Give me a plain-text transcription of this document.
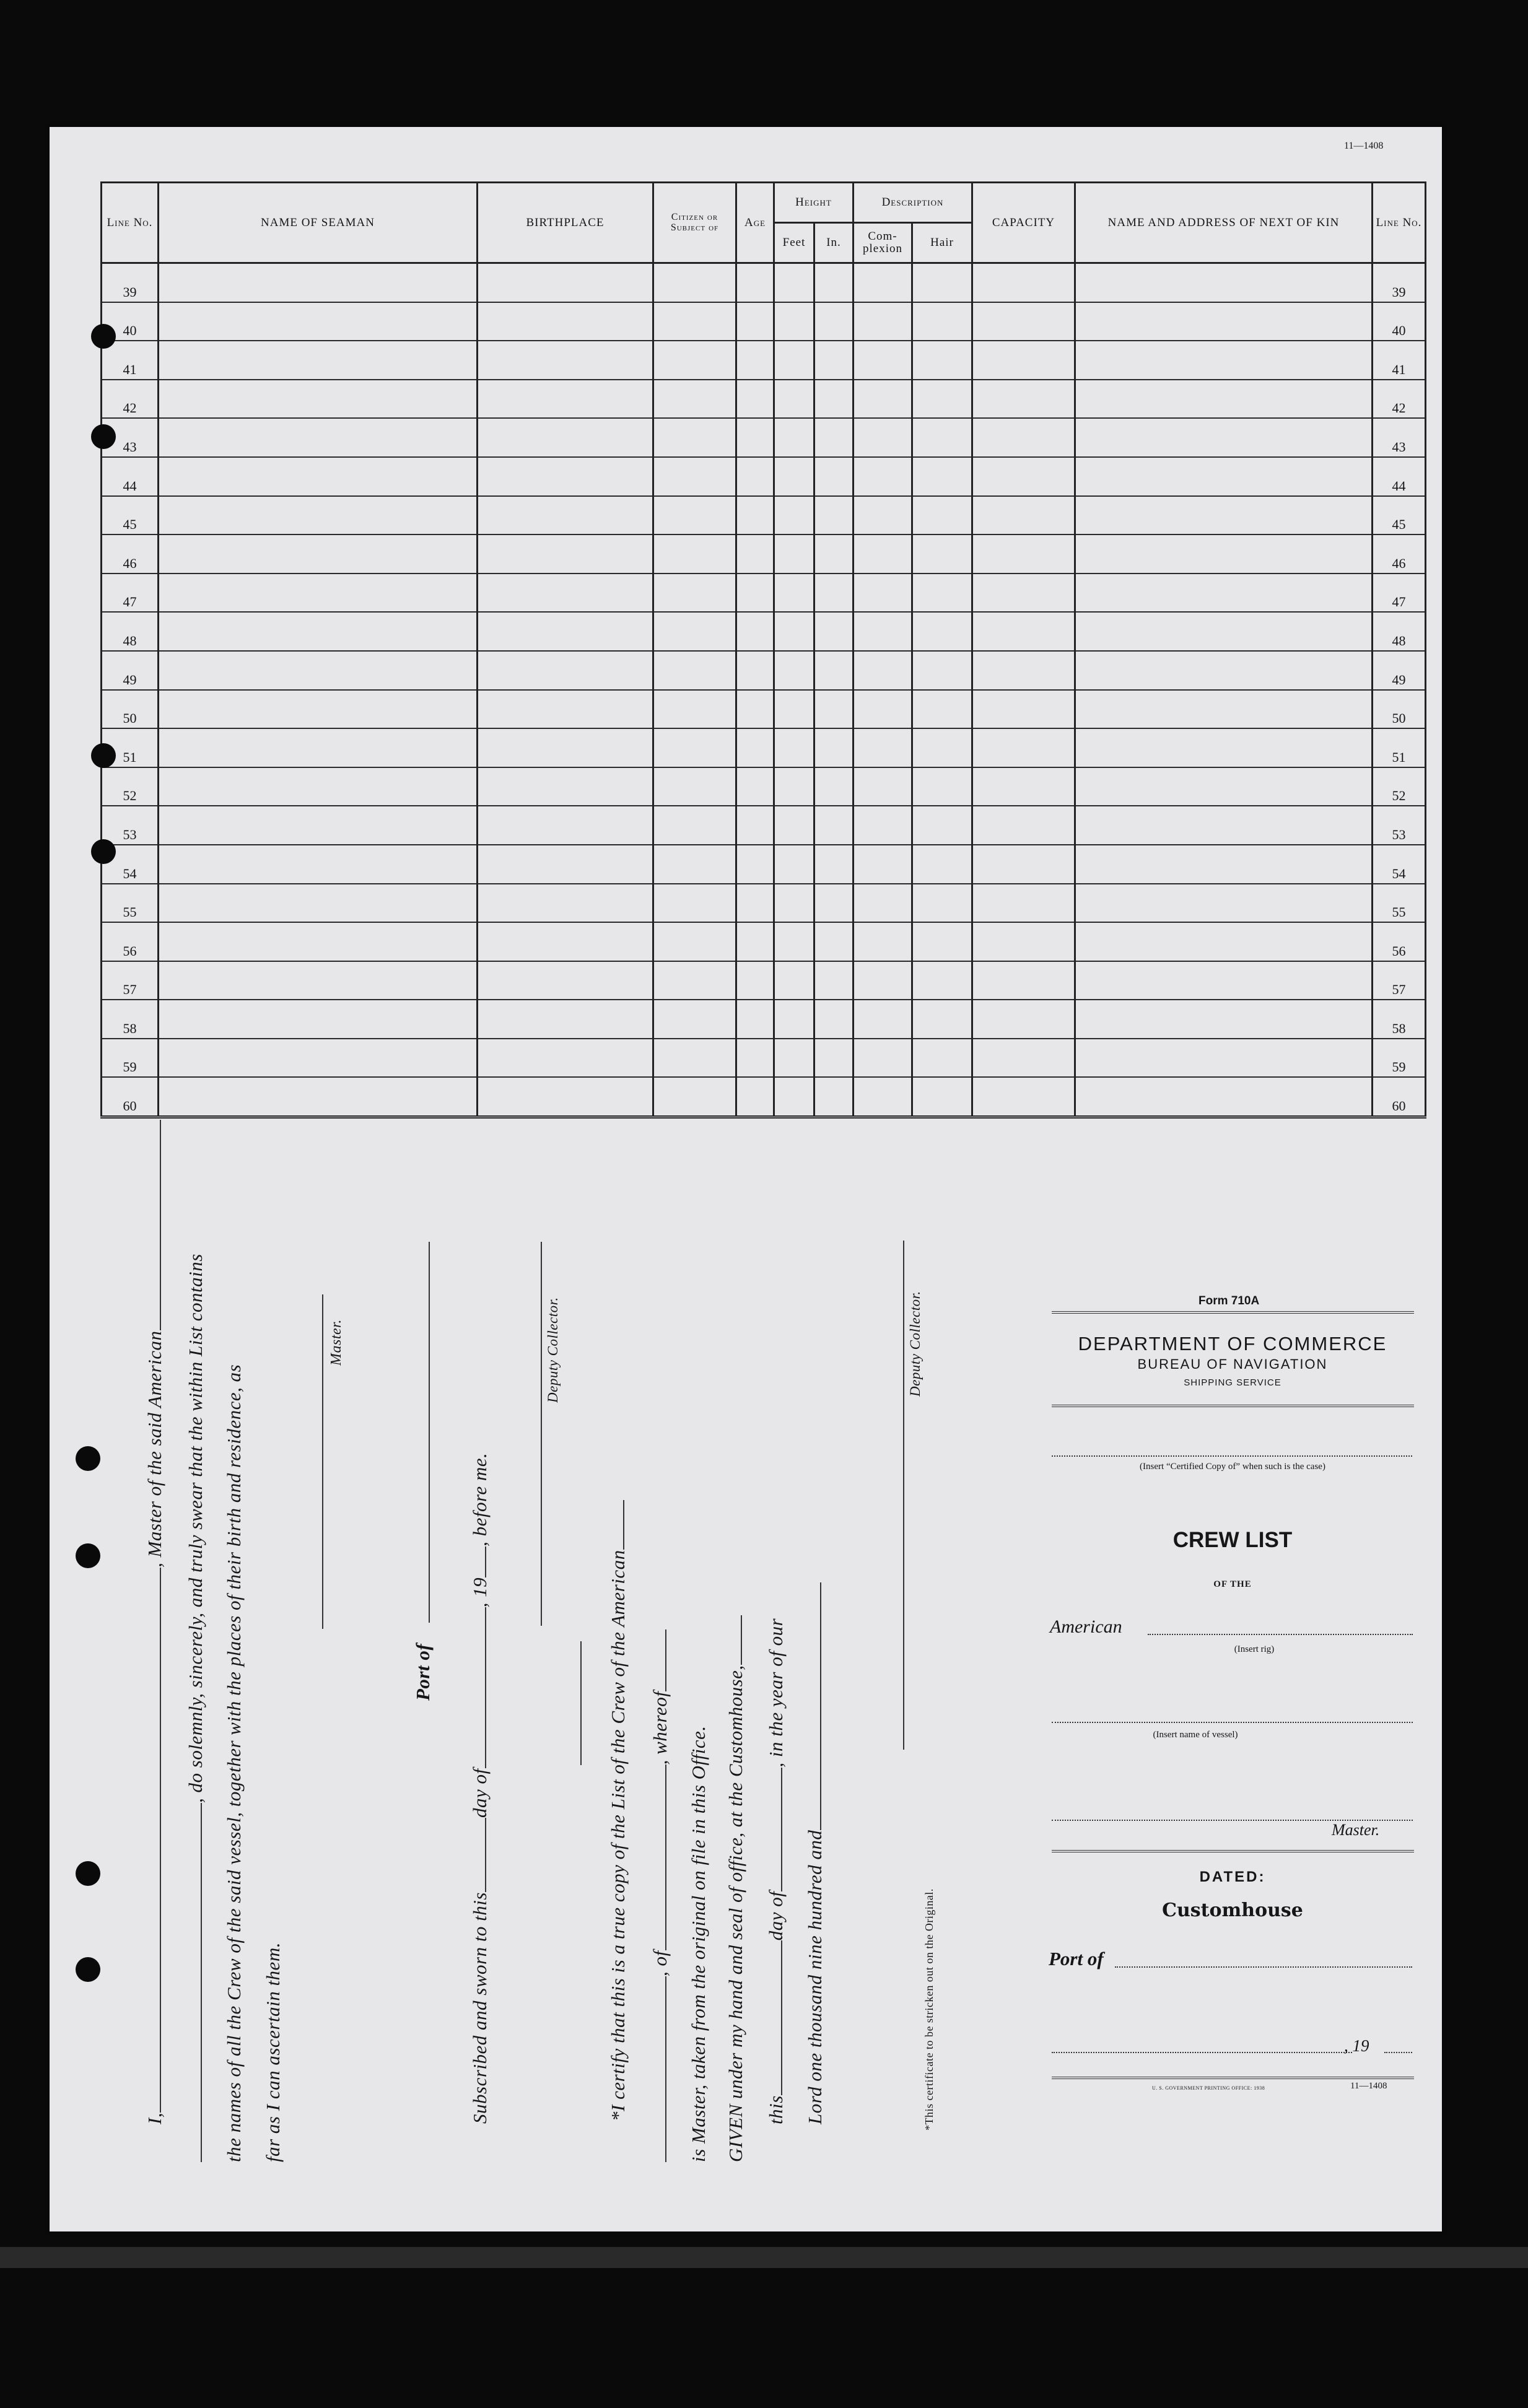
11—1408
Line No.	NAME OF SEAMAN	BIRTHPLACE	Citizen or Subject of	Age	Height		Description		CAPACITY	NAME AND ADDRESS OF NEXT OF KIN	Line No.
					Feet	In.	Com- plexion	Hair			
39											39
40											40
41											41
42											42
43											43
44											44
45											45
46											46
47											47
48											48
49											49
50											50
51											51
52											52
53											53
54											54
55											55
56											56
57											57
58											58
59											59
60											60
I,, Master of the said American , do solemnly, sincerely, and truly swear that the within List contains the names of all the Crew of the said vessel, together with the places of their birth and residence, as far as I can ascertain them.
Master.
Port of
Subscribed and sworn to thisday of, 19, before me.
Deputy Collector.
*I certify that this is a true copy of the List of the Crew of the American , of, whereof is Master, taken from the original on file in this Office. GIVEN under my hand and seal of office, at the Customhouse, thisday of, in the year of our
Lord one thousand nine hundred and
Deputy Collector.
*This certificate to be stricken out on the Original.
Form 710A
DEPARTMENT OF COMMERCE
BUREAU OF NAVIGATION
SHIPPING SERVICE
(Insert “Certified Copy of” when such is the case)
CREW LIST
OF THE
American
(Insert rig)
(Insert name of vessel)
Master.
DATED:
Customhouse
Port of
, 19
U. S. GOVERNMENT PRINTING OFFICE: 1938	11—1408
